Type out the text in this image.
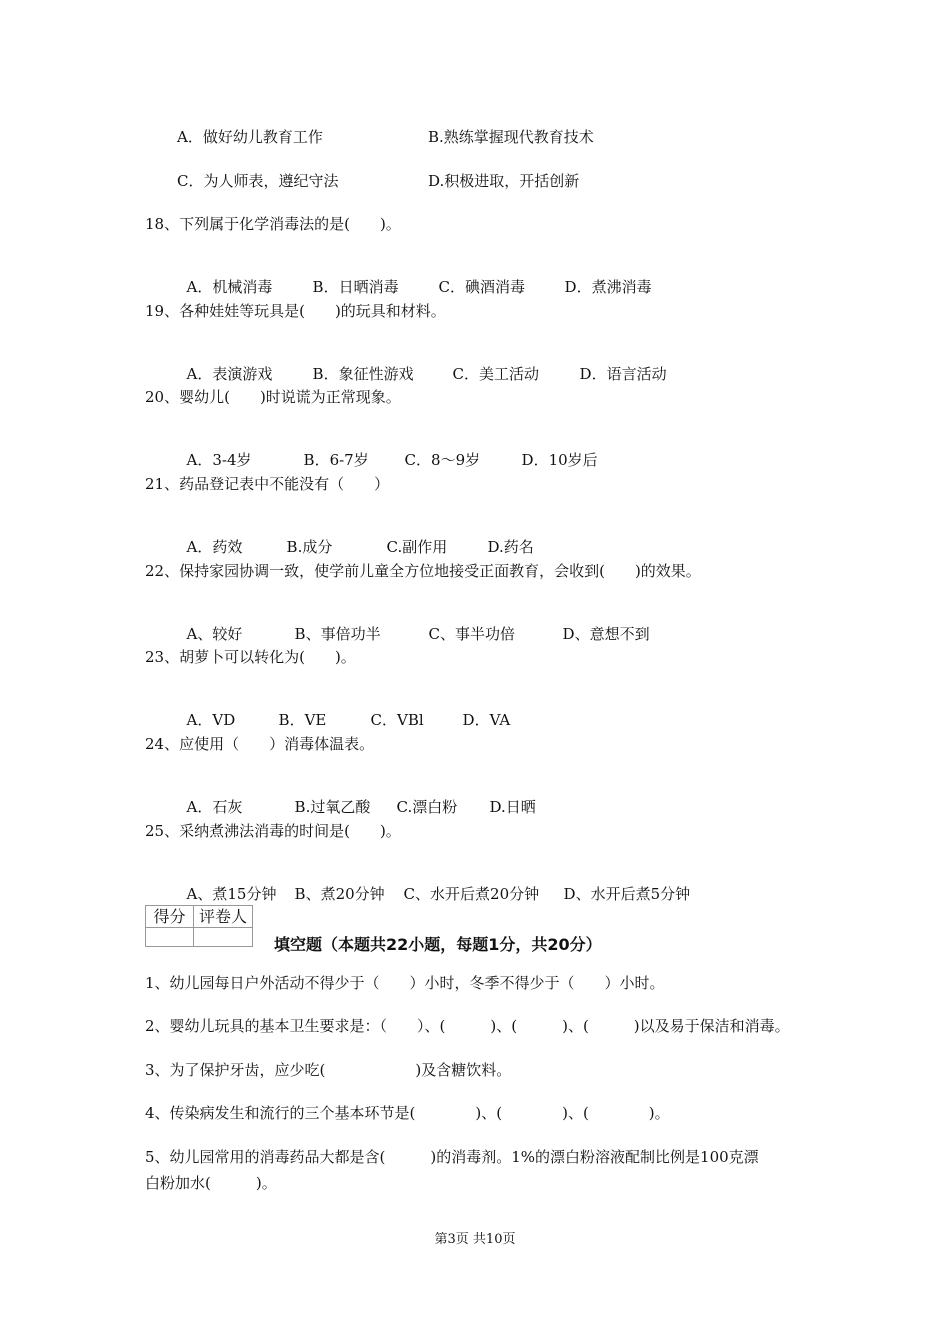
A．做好幼儿教育工作	B.熟练掌握现代教育技术
C．为人师表，遵纪守法	D.积极进取，开括创新
18、下列属于化学消毒法的是(　　)。

A．机械消毒	B．日晒消毒	C．碘酒消毒	D．煮沸消毒

19、各种娃娃等玩具是(　　)的玩具和材料。

A．表演游戏	B．象征性游戏	C．美工活动	D．语言活动

20、婴幼儿(　　)时说谎为正常现象。

A．3-4岁	B．6-7岁 C．8～9岁	D．10岁后

21、药品登记表中不能没有（　　）

A．药效	B.成分	C.副作用	D.药名

22、保持家园协调一致，使学前儿童全方位地接受正面教育，会收到(　　)的效果。

A、较好	B、事倍功半	C、事半功倍	D、意想不到

23、胡萝卜可以转化为(　　)。

A．VD	B．VE	C．VBl	D．VA

24、应使用（　　）消毒体温表。

A．石灰	B.过氧乙酸 C.漂白粉 D.日晒

25、采纳煮沸法消毒的时间是(　　)。

A、煮15分钟 B、煮20分钟 C、水开后煮20分钟 D、水开后煮5分钟

得分 评卷人
填空题（本题共22小题，每题1分，共20分）
1、幼儿园每日户外活动不得少于（　　）小时，冬季不得少于（　　）小时。
2、婴幼儿玩具的基本卫生要求是：（　　）、(　　　)、(　　　)、(　　　)以及易于保洁和消毒。
3、为了保护牙齿，应少吃(　　　　　　)及含糖饮料。
4、传染病发生和流行的三个基本环节是(　　　　)、(　　　　)、(　　　　)。
5、幼儿园常用的消毒药品大都是含(　　　)的消毒剂。1%的漂白粉溶液配制比例是100克漂
白粉加水(　　　)。
第3页 共10页
